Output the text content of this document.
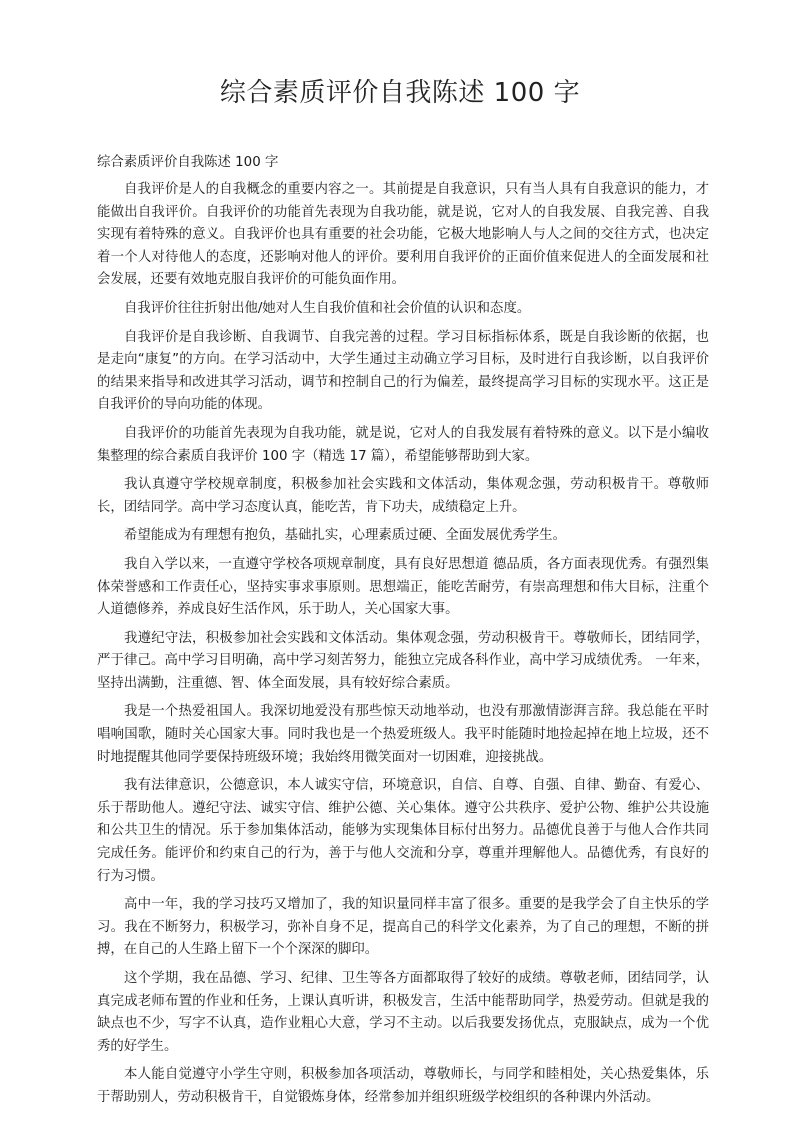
综合素质评价自我陈述 100 字

综合素质评价自我陈述 100 字

自我评价是人的自我概念的重要内容之一。其前提是自我意识，只有当人具有自我意识的能力，才能做出自我评价。自我评价的功能首先表现为自我功能，就是说，它对人的自我发展、自我完善、自我实现有着特殊的意义。自我评价也具有重要的社会功能，它极大地影响人与人之间的交往方式，也决定着一个人对待他人的态度，还影响对他人的评价。要利用自我评价的正面价值来促进人的全面发展和社会发展，还要有效地克服自我评价的可能负面作用。

自我评价往往折射出他/她对人生自我价值和社会价值的认识和态度。

自我评价是自我诊断、自我调节、自我完善的过程。学习目标指标体系，既是自我诊断的依据，也是走向“康复”的方向。在学习活动中，大学生通过主动确立学习目标，及时进行自我诊断，以自我评价的结果来指导和改进其学习活动，调节和控制自己的行为偏差，最终提高学习目标的实现水平。这正是自我评价的导向功能的体现。

自我评价的功能首先表现为自我功能，就是说，它对人的自我发展有着特殊的意义。以下是小编收集整理的综合素质自我评价 100 字（精选 17 篇），希望能够帮助到大家。

我认真遵守学校规章制度，积极参加社会实践和文体活动，集体观念强，劳动积极肯干。尊敬师长，团结同学。高中学习态度认真，能吃苦，肯下功夫，成绩稳定上升。

希望能成为有理想有抱负，基础扎实，心理素质过硬、全面发展优秀学生。

我自入学以来，一直遵守学校各项规章制度，具有良好思想道 德品质，各方面表现优秀。有强烈集体荣誉感和工作责任心，坚持实事求事原则。思想端正，能吃苦耐劳，有崇高理想和伟大目标，注重个人道德修养，养成良好生活作风，乐于助人，关心国家大事。

我遵纪守法，积极参加社会实践和文体活动。集体观念强，劳动积极肯干。尊敬师长，团结同学，严于律己。高中学习目明确，高中学习刻苦努力，能独立完成各科作业，高中学习成绩优秀。 一年来，坚持出满勤，注重德、智、体全面发展，具有较好综合素质。

我是一个热爱祖国人。我深切地爱没有那些惊天动地举动，也没有那激情澎湃言辞。我总能在平时唱响国歌，随时关心国家大事。同时我也是一个热爱班级人。我平时能随时地捡起掉在地上垃圾，还不时地提醒其他同学要保持班级环境；我始终用微笑面对一切困难，迎接挑战。

我有法律意识，公德意识，本人诚实守信，环境意识，自信、自尊、自强、自律、勤奋、有爱心、乐于帮助他人。遵纪守法、诚实守信、维护公德、关心集体。遵守公共秩序、爱护公物、维护公共设施和公共卫生的情况。乐于参加集体活动，能够为实现集体目标付出努力。品德优良善于与他人合作共同完成任务。能评价和约束自己的行为，善于与他人交流和分享，尊重并理解他人。品德优秀，有良好的行为习惯。

高中一年，我的学习技巧又增加了，我的知识量同样丰富了很多。重要的是我学会了自主快乐的学习。我在不断努力，积极学习，弥补自身不足，提高自己的科学文化素养，为了自己的理想，不断的拼搏，在自己的人生路上留下一个个深深的脚印。

这个学期，我在品德、学习、纪律、卫生等各方面都取得了较好的成绩。尊敬老师，团结同学，认真完成老师布置的作业和任务，上课认真听讲，积极发言，生活中能帮助同学，热爱劳动。但就是我的缺点也不少，写字不认真，造作业粗心大意，学习不主动。以后我要发扬优点，克服缺点，成为一个优秀的好学生。

本人能自觉遵守小学生守则，积极参加各项活动，尊敬师长，与同学和睦相处，关心热爱集体，乐于帮助别人，劳动积极肯干，自觉锻炼身体，经常参加并组织班级学校组织的各种课内外活动。
